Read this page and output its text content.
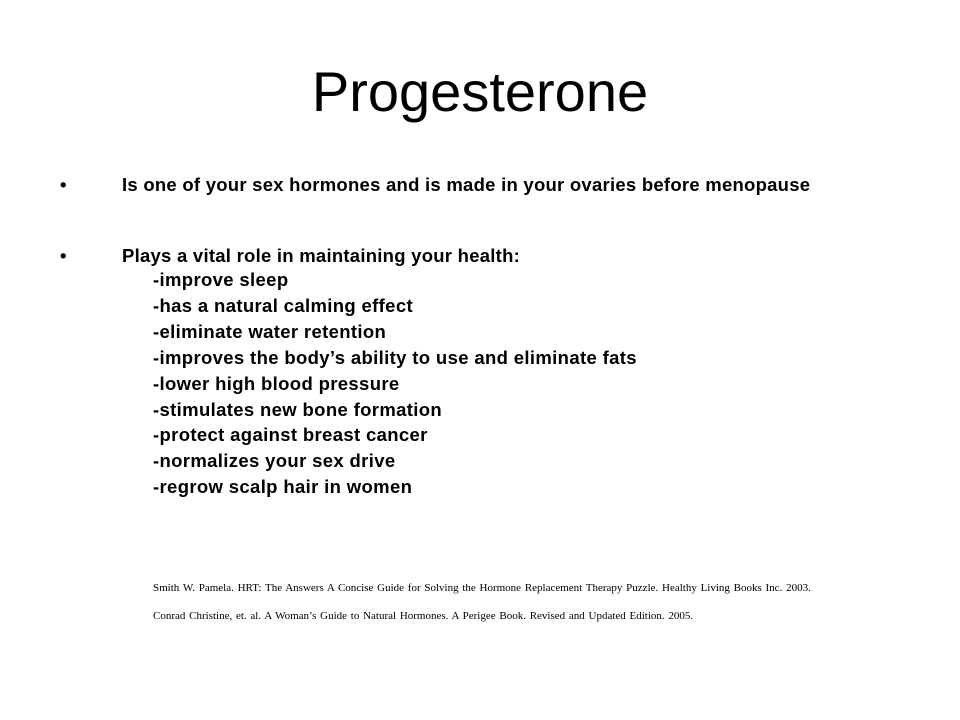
Progesterone
•	Is one of your sex hormones and is made in your ovaries before menopause
•	Plays a vital role in maintaining your health:
-improve sleep
-has a natural calming effect
-eliminate water retention
-improves the body’s ability to use and eliminate fats
-lower high blood pressure
-stimulates new bone formation
-protect against breast cancer
-normalizes your sex drive
-regrow scalp hair in women
Smith W. Pamela. HRT: The Answers A Concise Guide for Solving the Hormone Replacement Therapy Puzzle. Healthy Living Books Inc. 2003.
Conrad Christine, et. al. A Woman’s Guide to Natural Hormones. A Perigee Book. Revised and Updated Edition. 2005.
